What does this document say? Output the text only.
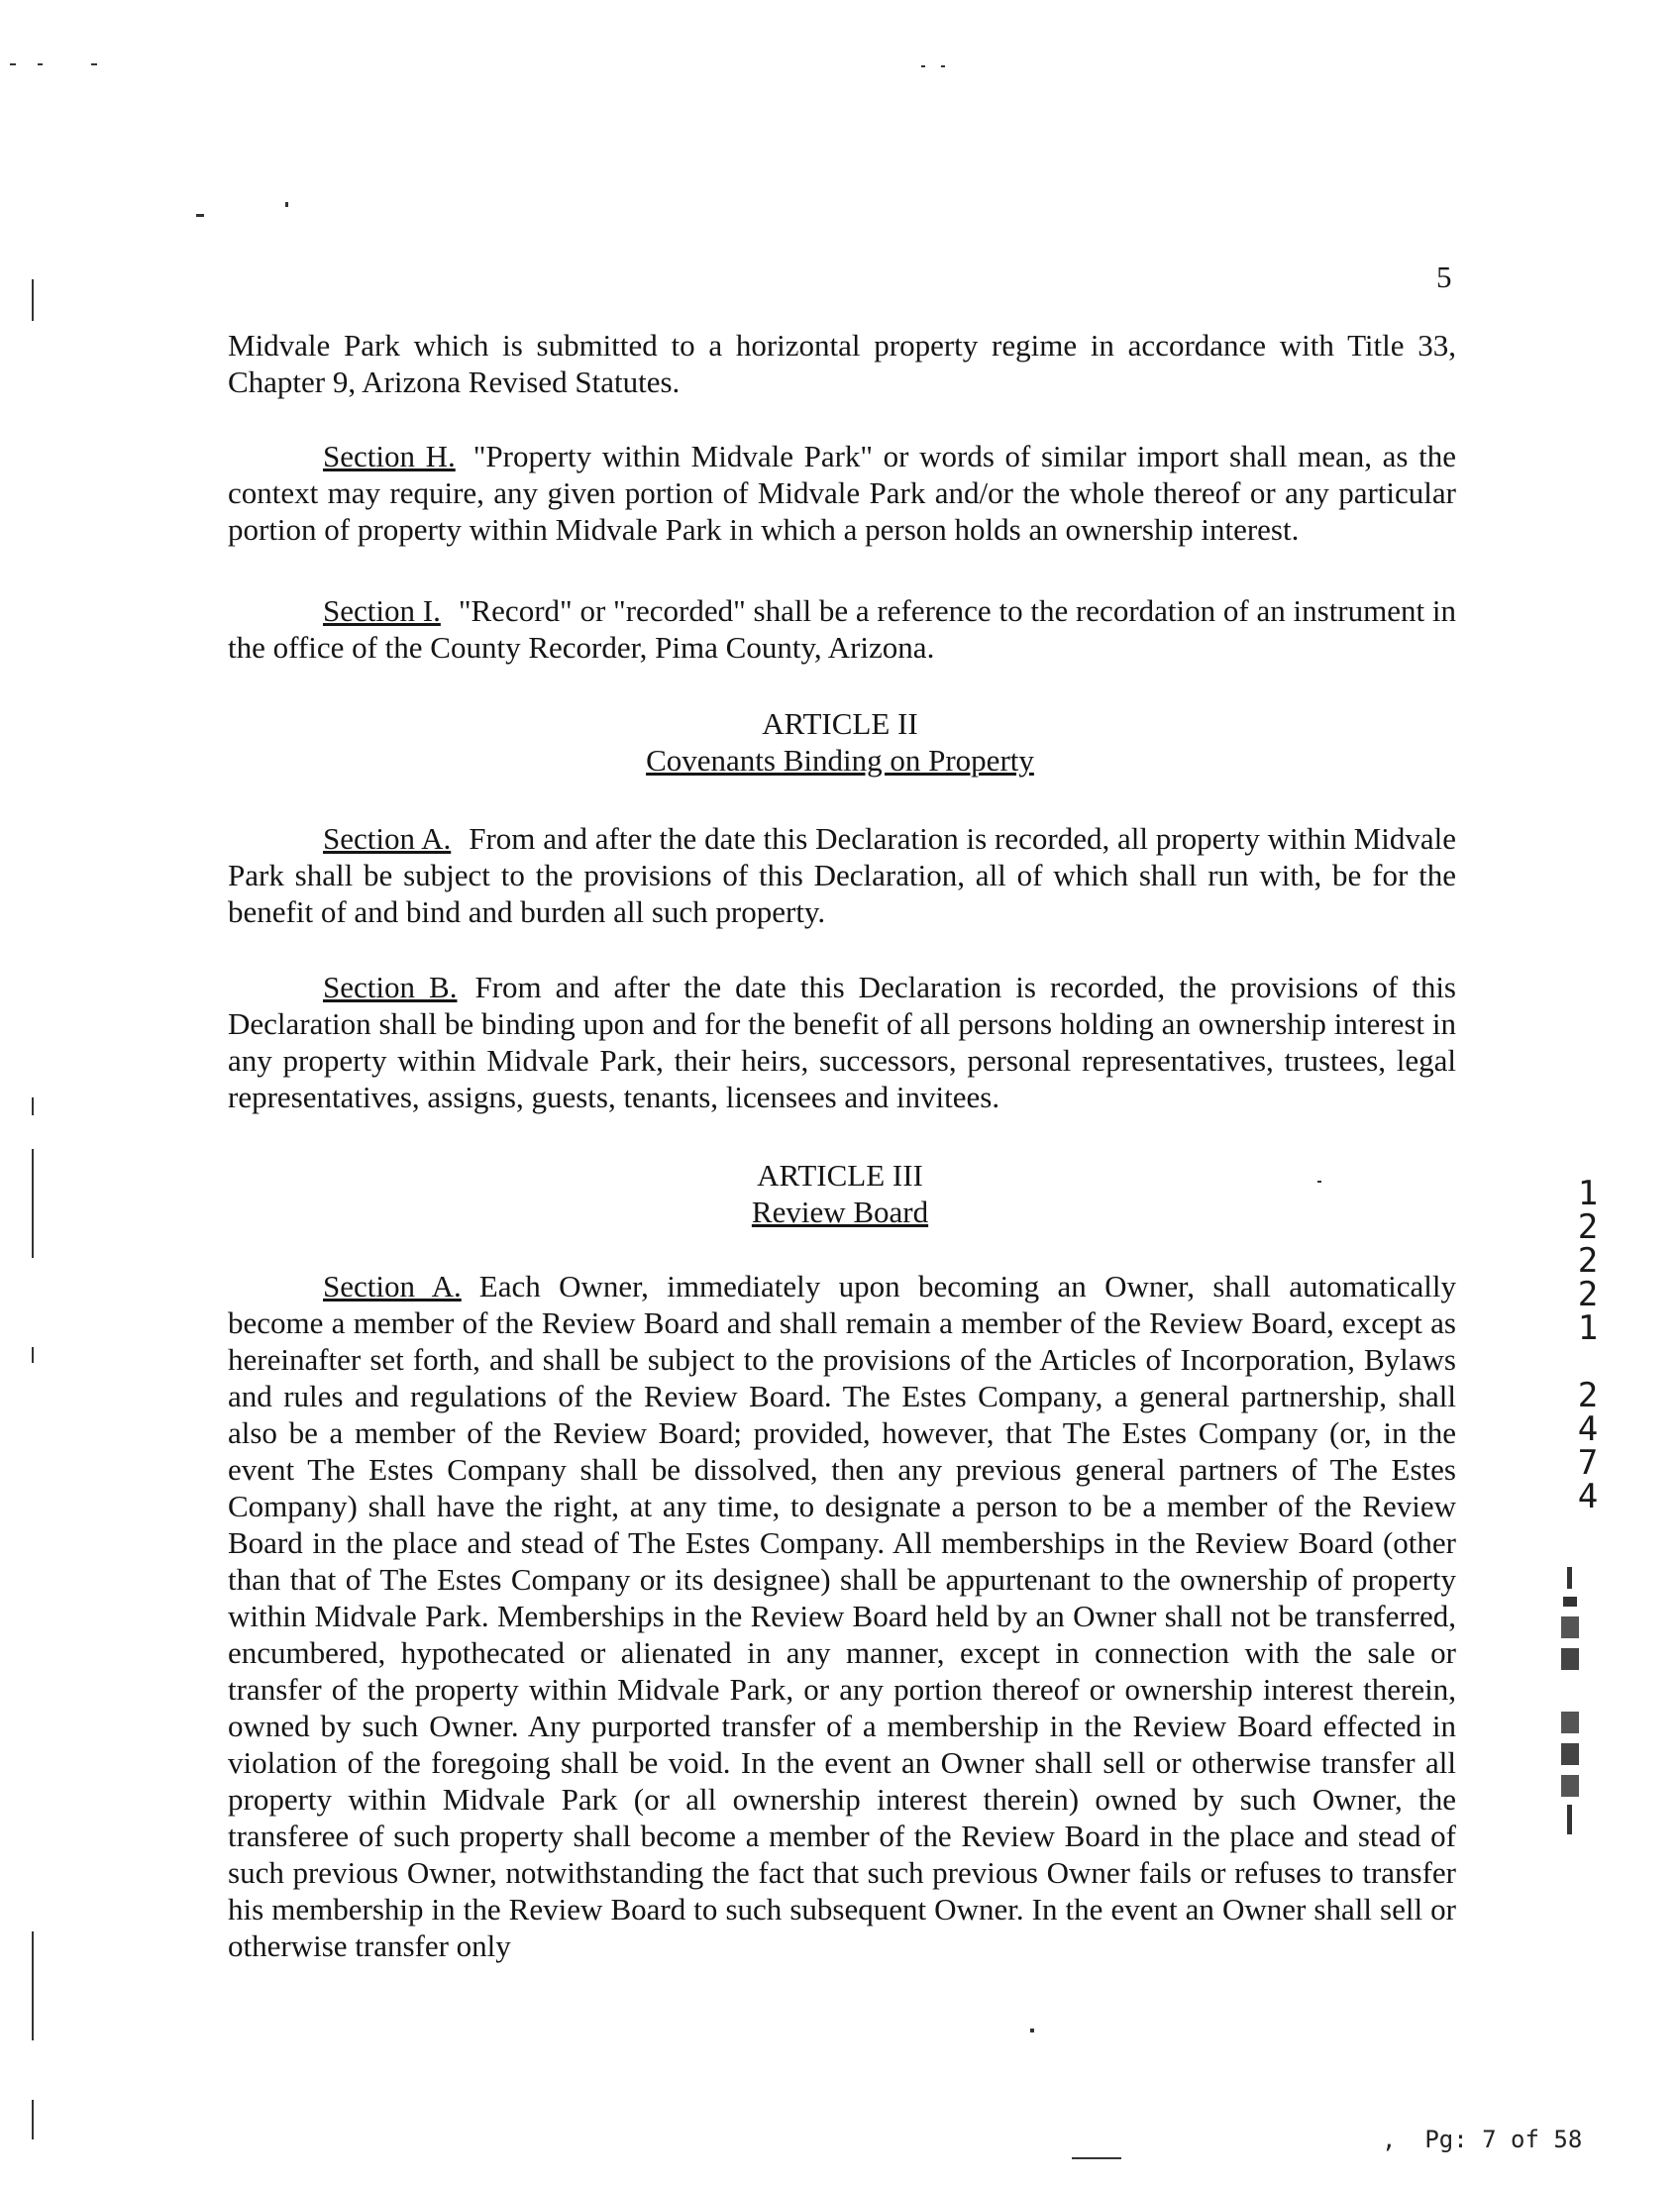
5

Midvale Park which is submitted to a horizontal property regime in accordance with Title 33, Chapter 9, Arizona Revised Statutes.

Section H. "Property within Midvale Park" or words of similar import shall mean, as the context may require, any given portion of Midvale Park and/or the whole thereof or any particular portion of property within Midvale Park in which a person holds an ownership interest.

Section I. "Record" or "recorded" shall be a reference to the recordation of an instrument in the office of the County Recorder, Pima County, Arizona.

ARTICLE II
Covenants Binding on Property

Section A. From and after the date this Declaration is recorded, all property within Midvale Park shall be subject to the provisions of this Declaration, all of which shall run with, be for the benefit of and bind and burden all such property.

Section B. From and after the date this Declaration is recorded, the provisions of this Declaration shall be binding upon and for the benefit of all persons holding an ownership interest in any property within Midvale Park, their heirs, successors, personal representatives, trustees, legal representatives, assigns, guests, tenants, licensees and invitees.

ARTICLE III
Review Board

Section A. Each Owner, immediately upon becoming an Owner, shall automatically become a member of the Review Board and shall remain a member of the Review Board, except as hereinafter set forth, and shall be subject to the provisions of the Articles of Incorporation, Bylaws and rules and regulations of the Review Board. The Estes Company, a general partnership, shall also be a member of the Review Board; provided, however, that The Estes Company (or, in the event The Estes Company shall be dissolved, then any previous general partners of The Estes Company) shall have the right, at any time, to designate a person to be a member of the Review Board in the place and stead of The Estes Company. All memberships in the Review Board (other than that of The Estes Company or its designee) shall be appurtenant to the ownership of property within Midvale Park. Memberships in the Review Board held by an Owner shall not be transferred, encumbered, hypothecated or alienated in any manner, except in connection with the sale or transfer of the property within Midvale Park, or any portion thereof or ownership interest therein, owned by such Owner. Any purported transfer of a membership in the Review Board effected in violation of the foregoing shall be void. In the event an Owner shall sell or otherwise transfer all property within Midvale Park (or all ownership interest therein) owned by such Owner, the transferee of such property shall become a member of the Review Board in the place and stead of such previous Owner, notwithstanding the fact that such previous Owner fails or refuses to transfer his membership in the Review Board to such subsequent Owner. In the event an Owner shall sell or otherwise transfer only

1
2
2
2
1
2
4
7
4
,  Pg: 7 of 58
